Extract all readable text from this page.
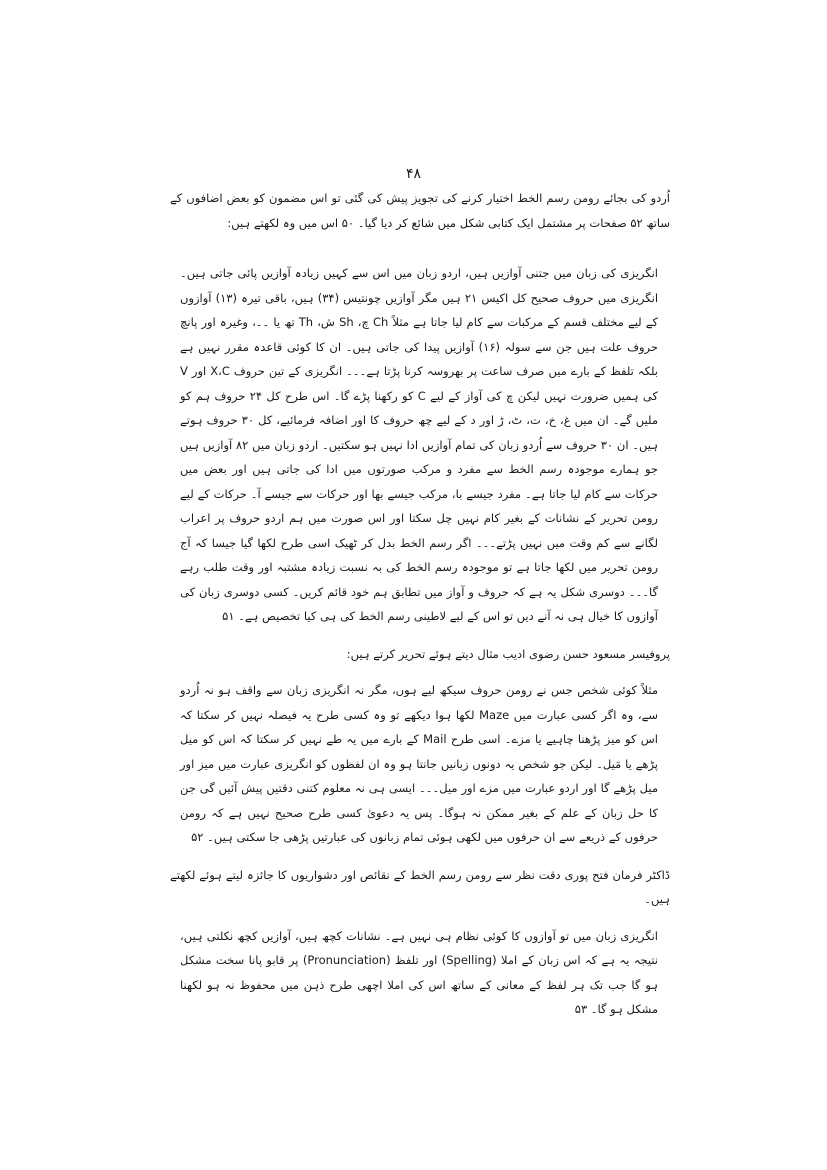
۴۸

اُردو کی بجائے رومن رسم الخط اختیار کرنے کی تجویز پیش کی گئی تو اس مضمون کو بعض اضافوں کے ساتھ ۵۲ صفحات پر مشتمل ایک کتابی شکل میں شائع کر دیا گیا۔ ۵۰ اس میں وہ لکھتے ہیں:

انگریزی کی زبان میں جتنی آوازیں ہیں، اردو زبان میں اس سے کہیں زیادہ آوازیں پائی جاتی ہیں۔ انگریزی میں حروف صحیح کل اکیس ۲۱ ہیں مگر آوازیں چونتیس (۳۴) ہیں، باقی تیرہ (۱۳) آوازوں کے لیے مختلف قسم کے مرکبات سے کام لیا جاتا ہے مثلاً Ch چ، Sh ش، Th تھ یا ۔۔، وغیرہ اور پانچ حروف علت ہیں جن سے سولہ (۱۶) آوازیں پیدا کی جاتی ہیں۔ ان کا کوئی قاعدہ مقرر نہیں ہے بلکہ تلفظ کے بارے میں صرف ساعت پر بھروسہ کرنا پڑتا ہے۔۔۔ انگریزی کے تین حروف X،C اور V کی ہمیں ضرورت نہیں لیکن چ کی آواز کے لیے C کو رکھنا پڑے گا۔ اس طرح کل ۲۴ حروف ہم کو ملیں گے۔ ان میں غ، خ، ت، ٹ، ڑ اور د کے لیے چھ حروف کا اور اضافہ فرمائیے، کل ۳۰ حروف ہوتے ہیں۔ ان ۳۰ حروف سے اُردو زبان کی تمام آوازیں ادا نہیں ہو سکتیں۔ اردو زبان میں ۸۲ آوازیں ہیں جو ہمارے موجودہ رسم الخط سے مفرد و مرکب صورتوں میں ادا کی جاتی ہیں اور بعض میں حرکات سے کام لیا جاتا ہے۔ مفرد جیسے با، مرکب جیسے بھا اور حرکات سے جیسے آ۔ حرکات کے لیے رومن تحریر کے نشانات کے بغیر کام نہیں چل سکتا اور اس صورت میں ہم اردو حروف پر اعراب لگانے سے کم وقت میں نہیں پڑتے۔۔۔ اگر رسم الخط بدل کر ٹھیک اسی طرح لکھا گیا جیسا کہ آج رومن تحریر میں لکھا جاتا ہے تو موجودہ رسم الخط کی بہ نسبت زیادہ مشتبہ اور وقت طلب رہے گا۔۔۔ دوسری شکل یہ ہے کہ حروف و آواز میں تطابق ہم خود قائم کریں۔ کسی دوسری زبان کی آوازوں کا خیال ہی نہ آنے دیں تو اس کے لیے لاطینی رسم الخط کی ہی کیا تخصیص ہے۔ ۵۱

پروفیسر مسعود حسن رضوی ادیب مثال دیتے ہوئے تحریر کرتے ہیں:

مثلاً کوئی شخص جس نے رومن حروف سیکھ لیے ہوں، مگر نہ انگریزی زبان سے واقف ہو نہ اُردو سے، وہ اگر کسی عبارت میں Maze لکھا ہوا دیکھے تو وہ کسی طرح یہ فیصلہ نہیں کر سکتا کہ اس کو میز پڑھنا چاہیے یا مزے۔ اسی طرح Mail کے بارے میں یہ طے نہیں کر سکتا کہ اس کو میل پڑھے یا مَیل۔ لیکن جو شخص یہ دونوں زبانیں جانتا ہو وہ ان لفظوں کو انگریزی عبارت میں میز اور میل پڑھے گا اور اردو عبارت میں مزے اور میل۔۔۔ ایسی ہی نہ معلوم کتنی دقتیں پیش آئیں گی جن کا حل زبان کے علم کے بغیر ممکن نہ ہوگا۔ پس یہ دعویٰ کسی طرح صحیح نہیں ہے کہ رومن حرفوں کے ذریعے سے ان حرفوں میں لکھی ہوئی تمام زبانوں کی عبارتیں پڑھی جا سکتی ہیں۔ ۵۲

ڈاکٹر فرمان فتح پوری دقت نظر سے رومن رسم الخط کے نقائص اور دشواریوں کا جائزہ لیتے ہوئے لکھتے ہیں۔

انگریزی زبان میں تو آوازوں کا کوئی نظام ہی نہیں ہے۔ نشانات کچھ ہیں، آوازیں کچھ نکلتی ہیں، نتیجہ یہ ہے کہ اس زبان کے املا (Spelling) اور تلفظ (Pronunciation) پر قابو پانا سخت مشکل ہو گا جب تک ہر لفظ کے معانی کے ساتھ اس کی املا اچھی طرح ذہن میں محفوظ نہ ہو لکھنا مشکل ہو گا۔ ۵۳
